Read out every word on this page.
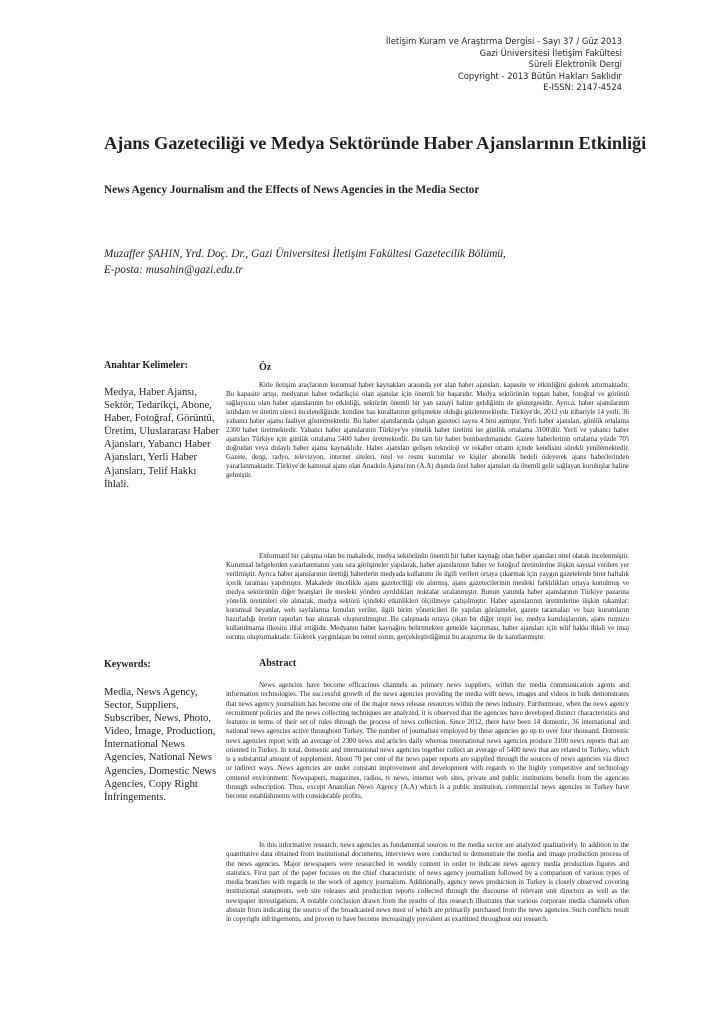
İletişim Kuram ve Araştırma Dergisi - Sayı 37 / Güz 2013
Gazi Üniversitesi İletişim Fakültesi
Süreli Elektronik Dergi
Copyright - 2013 Bütün Hakları Saklıdır
E-ISSN: 2147-4524
Ajans Gazeteciliği ve Medya Sektöründe Haber Ajanslarının Etkinliği
News Agency Journalism and the Effects of News Agencies in the Media Sector
Muzaffer ŞAHIN, Yrd. Doç. Dr., Gazi Üniversitesi İletişim Fakültesi Gazetecilik Bölümü,
E-posta: musahin@gazi.edu.tr
Anahtar Kelimeler:
Medya, Haber Ajansı, Sektör, Tedarikçi, Abone, Haber, Fotoğraf, Görüntü, Üretim, Uluslararası Haber Ajansları, Yabancı Haber Ajansları, Yerli Haber Ajansları, Telif Hakkı İhlali.
Öz

Kitle iletişim araçlarının kurumsal haber kaynakları arasında yer alan haber ajansları, kapasite ve etkinliğini giderek artırmaktadır. Bu kapasite artışı, medyanın haber tedarikçisi olan ajanslar için önemli bir başarıdır. Medya sektörünün toptan haber, fotoğraf ve görüntü sağlayıcısı olan haber ajanslarının bu etkinliği, sektörün önemli bir yan sanayi haline geldiğinin de göstergesidir. Ayrıca, haber ajanslarının istihdam ve üretim süreci incelendiğinde, kendine has kurallarının gelişmekte olduğu gözlenmektedir. Türkiye'de, 2012 yılı itibariyle 14 yerli, 36 yabancı haber ajansı faaliyet göstermektedir. Bu haber ajanslarında çalışan gazeteci sayısı 4 bini aşmıştır. Yerli haber ajansları, günlük ortalama 2300 haber üretmektedir. Yabancı haber ajanslarının Türkiye'ye yönelik haber üretimi ise günlük ortalama 3100'dür. Yerli ve yabancı haber ajansları Türkiye için günlük ortalama 5400 haber üretmektedir. Bu tam bir haber bombardımanıdır. Gazete haberlerinin ortalama yüzde 70'i doğrudan veya dolaylı haber ajansı kaynaklıdır. Haber ajansları gelişen teknoloji ve rekabet ortamı içinde kendisini sürekli yenilemektedir. Gazete, dergi, radyo, televizyon, internet siteleri, özel ve resmi kurumlar ve kişiler abonelik bedeli ödeyerek ajans haberlerinden yararlanmaktadır. Türkiye'de kamusal ajans olan Anadolu Ajansı'nın (A.A) dışında özel haber ajansları da önemli gelir sağlayan kuruluşlar haline gelmiştir.

Enformatif bir çalışma olan bu makalede, medya sektörünün önemli bir haber kaynağı olan haber ajansları nitel olarak incelenmiştir. Kurumsal belgelerden yararlanmanın yanı sıra görüşmeler yapılarak, haber ajanslarının haber ve fotoğraf üretimlerine ilişkin sayısal verilere yer verilmiştir. Ayrıca haber ajanslarının ürettiği haberlerin medyada kullanımı ile ilgili verileri ortaya çıkarmak için yaygın gazetelerde birer haftalık içerik taraması yapılmıştır. Makalede öncelikle ajans gazeteciliği ele alınmış, ajans gazetecilerinin mesleki farklılıkları ortaya konulmuş ve medya sektörünün diğer branşları ile mesleki yönden ayrıldıkları noktalar sıralanmıştır. Bunun yanında haber ajanslarının Türkiye pazarına yönelik üretimleri ele alınarak, medya sektörü içindeki etkinlikleri ölçülmeye çalışılmıştır. Haber ajanslarının üretimlerine ilişkin rakamlar; kurumsal beyanlar, web sayfalarına konulan veriler, ilgili birim yöneticileri ile yapılan görüşmeler, gazete taramaları ve bazı kurumların hazırladığı üretim raporları baz alınarak oluşturulmuştur. Bu çalışmada ortaya çıkan bir diğer tespit ise, medya kuruluşlarının, ajans rumuzu kullanılmama ilkesini ihlal ettiğidir. Medyanın haber kaynağını belirtmekten genelde kaçınması, haber ajansları için telif hakkı ihlali ve imaj sorunu oluşturmaktadır. Giderek yaygınlaşan bu temel sorun, gerçekleştirdiğimiz bu araştırma ile de kanıtlanmıştır.

Keywords:
Media, News Agency, Sector, Suppliers, Subscriber, News, Photo, Video, İmage, Production, İnternational News Agencies, National News Agencies, Domestic News Agencies, Copy Right İnfringements.
Abstract

News agencies have become efficacious channels as primary news suppliers, within the media communication agents and information technologies. The successful growth of the news agencies providing the media with news, images and videos in bulk demonstrates that news agency journalism has become one of the major news release resources within the news industry. Furthermore, when the news agency recruitment policies and the news collecting techniques are analyzed, it is observed that the agencies have developed distinct characteristics and features in terms of their set of rules through the process of news collection. Since 2012, there have been 14 domestic, 36 international and national news agencies active throughout Turkey. The number of journalists employed by these agencies go up to over four thousand. Domestic news agencies report with an average of 2300 news and articles daily whereas international news agencies produce 3100 news reports that are oriented in Turkey. In total, domestic and international news agencies together collect an average of 5400 news that are related to Turkey, which is a substantial amount of supplement. About 70 per cent of the news paper reports are supplied through the sources of news agencies via direct or indirect ways. News agencies are under constant improvement and development with regards to the highly competitive and technology centered environment. Newspapers, magazines, radios, tv news, internet web sites, private and public institutions benefit from the agencies through subscription. Thus, except Anatolian News Agency (A.A) which is a public institution, commercial news agencies in Turkey have become establishments with considerable profits.

In this informative research, news agencies as fundamental sources to the media sector are analyzed qualitatively. In addition to the quantitative data obtained from institutional documents, interviews were conducted to demonstrate the media and image production process of the news agencies. Major newspapers were researched in weekly content in order to indicate news agency media production figures and statistics. First part of the paper focuses on the chief characteristic of news agency journalism followed by a comparison of various types of media branches with regards to the work of agency journalism. Additionally, agency news production in Turkey is closely observed covering institutional statements, web site releases and production reports collected through the discourse of relevant unit directors as well as the newspaper investigations. A notable conclusion drawn from the results of this research illustrates that various corporate media channels often abstain from indicating the source of the broadcasted news most of which are primarily purchased from the news agencies. Such conflicts result in copyright infringements, and proven to have become increasingly prevalent as examined throughout our research.
